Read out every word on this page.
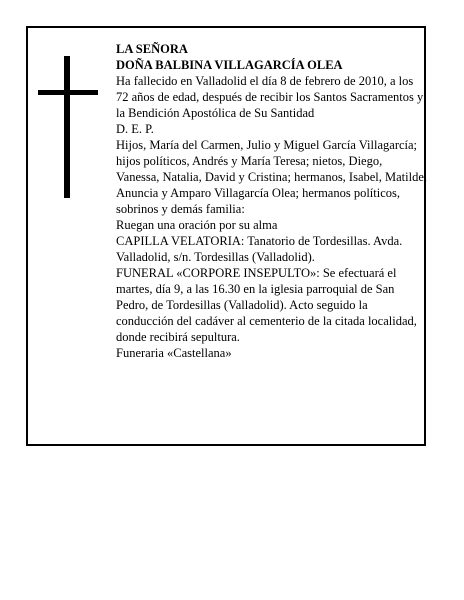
LA SEÑORA

DOÑA BALBINA VILLAGARCÍA OLEA

Ha fallecido en Valladolid el día 8 de febrero de 2010, a los 72 años de edad, después de recibir los Santos Sacramentos y la Bendición Apostólica de Su Santidad

D. E. P.

Hijos, María del Carmen, Julio y Miguel García Villagarcía; hijos políticos, Andrés y María Teresa; nietos, Diego, Vanessa, Natalia, David y Cristina; hermanos, Isabel, Matilde, Anuncia y Amparo Villagarcía Olea; hermanos políticos, sobrinos y demás familia:

Ruegan una oración por su alma

CAPILLA VELATORIA: Tanatorio de Tordesillas. Avda. Valladolid, s/n. Tordesillas (Valladolid).

FUNERAL «CORPORE INSEPULTO»: Se efectuará el martes, día 9, a las 16.30 en la iglesia parroquial de San Pedro, de Tordesillas (Valladolid). Acto seguido la conducción del cadáver al cementerio de la citada localidad, donde recibirá sepultura.

Funeraria «Castellana»
